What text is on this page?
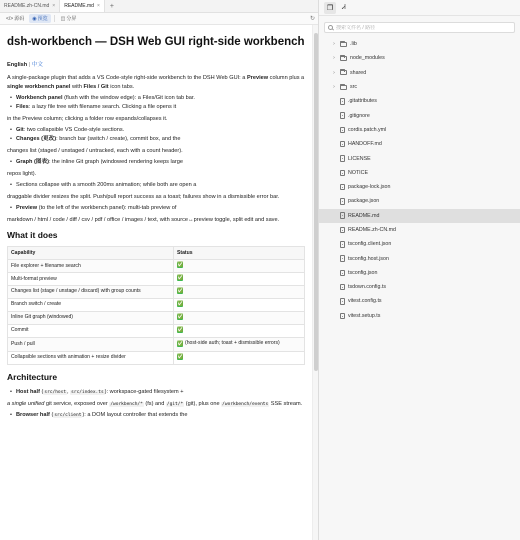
README.zh-CN.md × README.md ×	+
</> 源码 ◉ 预览	◫ 分屏	↻
dsh-workbench — DSH Web GUI right-side workbench
English | 中文

A single-package plugin that adds a VS Code-style right-side workbench to the DSH Web GUI: a Preview column plus a single workbench panel with Files / Git icon tabs.

• Workbench panel (flush with the window edge): a Files/Git icon tab bar.
• Files: a lazy file tree with filename search. Clicking a file opens it

in the Preview column; clicking a folder row expands/collapses it.

• Git: two collapsible VS Code-style sections.
• Changes (更改): branch bar (switch / create), commit box, and the

changes list (staged / unstaged / untracked, each with a count header).

• Graph (图表): the inline Git graph (windowed rendering keeps large

repos light).

• Sections collapse with a smooth 200ms animation; while both are open a

draggable divider resizes the split. Push/pull report success as a toast; failures show in a dismissible error bar.

• Preview (to the left of the workbench panel): multi-tab preview of

markdown / html / code / diff / csv / pdf / office / images / text, with source↔preview toggle, split edit and save.

What it does
Capability	Status
File explorer + filename search	✅
Multi-format preview	✅
Changes list (stage / unstage / discard) with group counts	✅
Branch switch / create	✅
Inline Git graph (windowed)	✅
Commit	✅
Push / pull	✅ (host-side auth; toast + dismissible errors)
Collapsible sections with animation + resize divider	✅
Architecture
• Host half (src/host, src/index.ts): workspace-gated filesystem +

a single unified git service, exposed over /workbench/* (fs) and /git/* (git), plus one /workbench/events SSE stream.

• Browser half (src/client): a DOM layout controller that extends the
❐ Ꮧ
搜索文件名 / 路径
›	.lib
›	node_modules
›	shared
›	src
.gitattributes
.gitignore
cordis.patch.yml
HANDOFF.md
LICENSE
NOTICE
package-lock.json
package.json
README.md
README.zh-CN.md
tsconfig.client.json
tsconfig.host.json
tsconfig.json
tsdown.config.ts
vitest.config.ts
vitest.setup.ts
